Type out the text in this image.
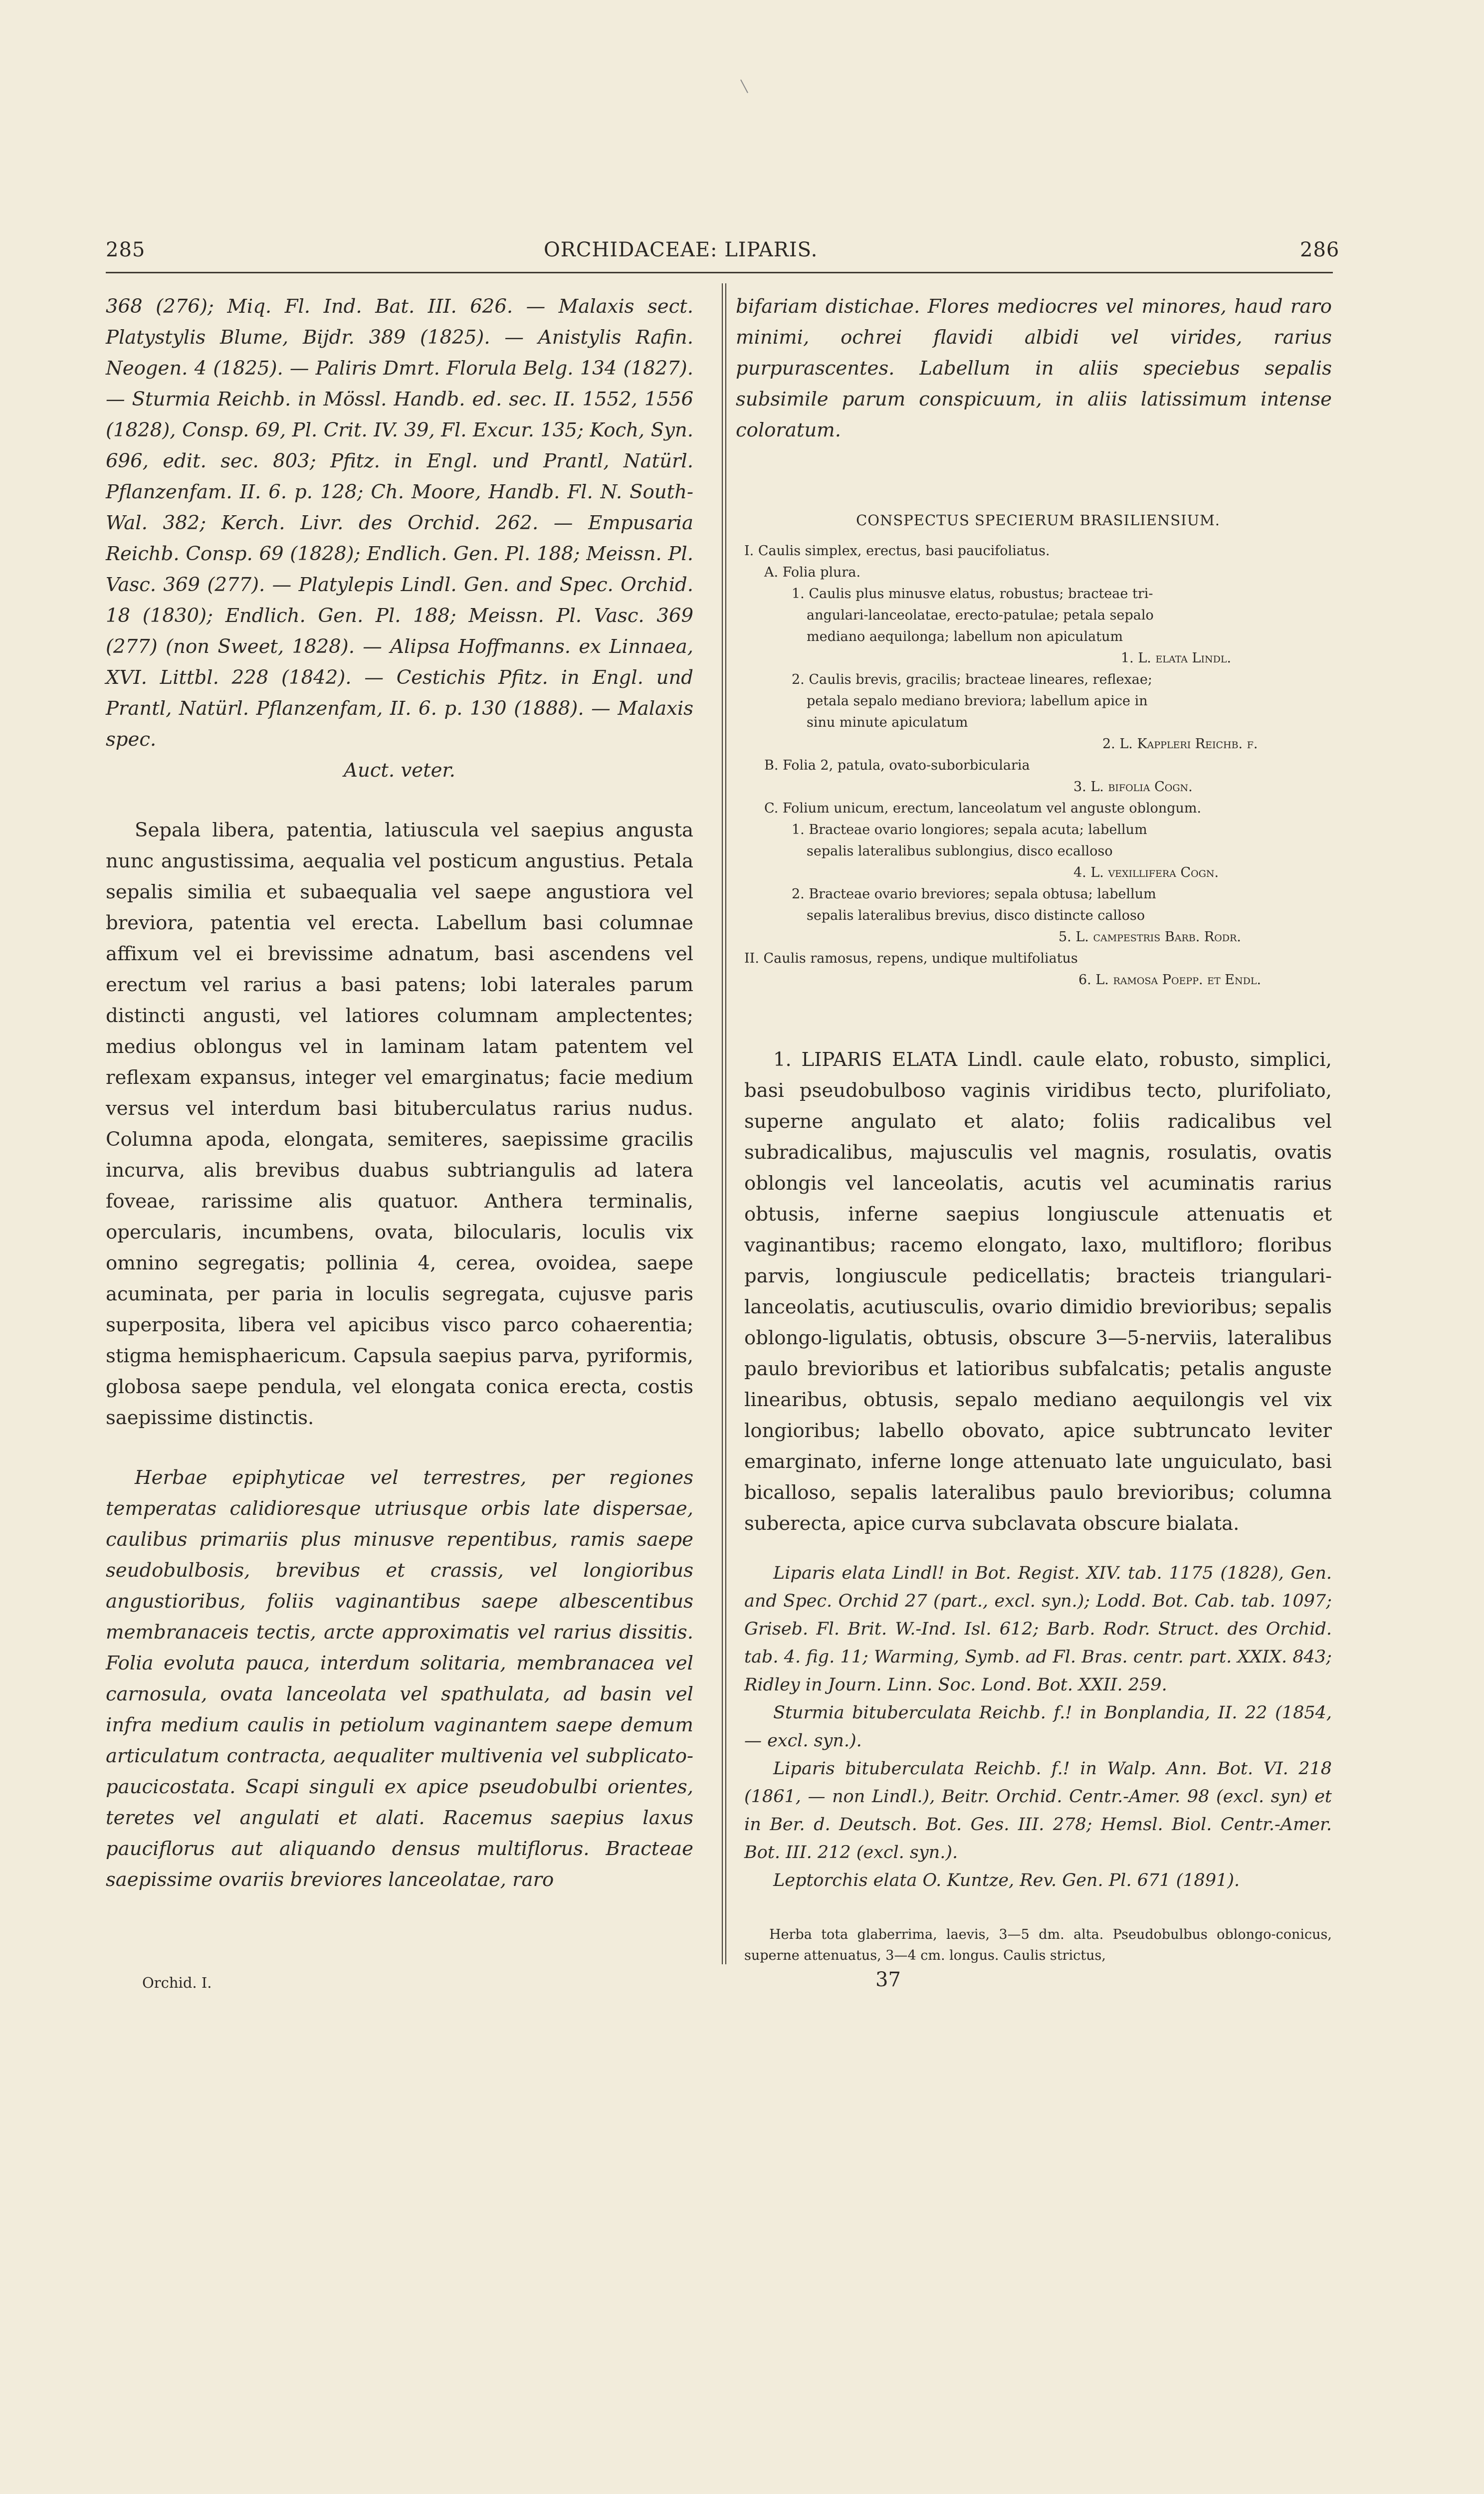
285	ORCHIDACEAE: LIPARIS.	286

368 (276); Miq. Fl. Ind. Bat. III. 626. — Malaxis sect. Platystylis Blume, Bijdr. 389 (1825). — Anistylis Rafin. Neogen. 4 (1825). — Paliris Dmrt. Florula Belg. 134 (1827). — Sturmia Reichb. in Mössl. Handb. ed. sec. II. 1552, 1556 (1828), Consp. 69, Pl. Crit. IV. 39, Fl. Excur. 135; Koch, Syn. 696, edit. sec. 803; Pfitz. in Engl. und Prantl, Natürl. Pflanzenfam. II. 6. p. 128; Ch. Moore, Handb. Fl. N. South-Wal. 382; Kerch. Livr. des Orchid. 262. — Empusaria Reichb. Consp. 69 (1828); Endlich. Gen. Pl. 188; Meissn. Pl. Vasc. 369 (277). — Platylepis Lindl. Gen. and Spec. Orchid. 18 (1830); Endlich. Gen. Pl. 188; Meissn. Pl. Vasc. 369 (277) (non Sweet, 1828). — Alipsa Hoffmanns. ex Linnaea, XVI. Littbl. 228 (1842). — Cestichis Pfitz. in Engl. und Prantl, Natürl. Pflanzenfam, II. 6. p. 130 (1888). — Malaxis spec.

Auct. veter.

Sepala libera, patentia, latiuscula vel saepius angusta nunc angustissima, aequalia vel posticum angustius. Petala sepalis similia et subaequalia vel saepe angustiora vel breviora, patentia vel erecta. Labellum basi columnae affixum vel ei brevissime adnatum, basi ascendens vel erectum vel rarius a basi patens; lobi laterales parum distincti angusti, vel latiores columnam amplectentes; medius oblongus vel in laminam latam patentem vel reflexam expansus, integer vel emarginatus; facie medium versus vel interdum basi bituberculatus rarius nudus. Columna apoda, elongata, semiteres, saepissime gracilis incurva, alis brevibus duabus subtriangulis ad latera foveae, rarissime alis quatuor. Anthera terminalis, opercularis, incumbens, ovata, bilocularis, loculis vix omnino segregatis; pollinia 4, cerea, ovoidea, saepe acuminata, per paria in loculis segregata, cujusve paris superposita, libera vel apicibus visco parco cohaerentia; stigma hemisphaericum. Capsula saepius parva, pyriformis, globosa saepe pendula, vel elongata conica erecta, costis saepissime distinctis.

Herbae epiphyticae vel terrestres, per regiones temperatas calidioresque utriusque orbis late dispersae, caulibus primariis plus minusve repentibus, ramis saepe seudobulbosis, brevibus et crassis, vel longioribus angustioribus, foliis vaginantibus saepe albescentibus membranaceis tectis, arcte approximatis vel rarius dissitis. Folia evoluta pauca, interdum solitaria, membranacea vel carnosula, ovata lanceolata vel spathulata, ad basin vel infra medium caulis in petiolum vaginantem saepe demum articulatum contracta, aequaliter multivenia vel subplicato-paucicostata. Scapi singuli ex apice pseudobulbi orientes, teretes vel angulati et alati. Racemus saepius laxus pauciflorus aut aliquando densus multiflorus. Bracteae saepissime ovariis breviores lanceolatae, raro

Orchid. I.

bifariam distichae. Flores mediocres vel minores, haud raro minimi, ochrei flavidi albidi vel virides, rarius purpurascentes. Labellum in aliis speciebus sepalis subsimile parum conspicuum, in aliis latissimum intense coloratum.

CONSPECTUS SPECIERUM BRASILIENSIUM.
I. Caulis simplex, erectus, basi paucifoliatus.
A. Folia plura.
1. Caulis plus minusve elatus, robustus; bracteae tri-
angulari-lanceolatae, erecto-patulae; petala sepalo
mediano aequilonga; labellum non apiculatum
1. L. elata Lindl.
2. Caulis brevis, gracilis; bracteae lineares, reflexae;
petala sepalo mediano breviora; labellum apice in
sinu minute apiculatum
2. L. Kappleri Reichb. f.
B. Folia 2, patula, ovato-suborbicularia
3. L. bifolia Cogn.
C. Folium unicum, erectum, lanceolatum vel anguste oblongum.
1. Bracteae ovario longiores; sepala acuta; labellum
sepalis lateralibus sublongius, disco ecalloso
4. L. vexillifera Cogn.
2. Bracteae ovario breviores; sepala obtusa; labellum
sepalis lateralibus brevius, disco distincte calloso
5. L. campestris Barb. Rodr.
II. Caulis ramosus, repens, undique multifoliatus
6. L. ramosa Poepp. et Endl.

1. LIPARIS ELATA Lindl. caule elato, robusto, simplici, basi pseudobulboso vaginis viridibus tecto, plurifoliato, superne angulato et alato; foliis radicalibus vel subradicalibus, majusculis vel magnis, rosulatis, ovatis oblongis vel lanceolatis, acutis vel acuminatis rarius obtusis, inferne saepius longiuscule attenuatis et vaginantibus; racemo elongato, laxo, multifloro; floribus parvis, longiuscule pedicellatis; bracteis triangulari-lanceolatis, acutiusculis, ovario dimidio brevioribus; sepalis oblongo-ligulatis, obtusis, obscure 3—5-nerviis, lateralibus paulo brevioribus et latioribus subfalcatis; petalis anguste linearibus, obtusis, sepalo mediano aequilongis vel vix longioribus; labello obovato, apice subtruncato leviter emarginato, inferne longe attenuato late unguiculato, basi bicalloso, sepalis lateralibus paulo brevioribus; columna suberecta, apice curva subclavata obscure bialata.

Liparis elata Lindl! in Bot. Regist. XIV. tab. 1175 (1828), Gen. and Spec. Orchid 27 (part., excl. syn.); Lodd. Bot. Cab. tab. 1097; Griseb. Fl. Brit. W.-Ind. Isl. 612; Barb. Rodr. Struct. des Orchid. tab. 4. fig. 11; Warming, Symb. ad Fl. Bras. centr. part. XXIX. 843; Ridley in Journ. Linn. Soc. Lond. Bot. XXII. 259.

Sturmia bituberculata Reichb. f.! in Bonplandia, II. 22 (1854, — excl. syn.).

Liparis bituberculata Reichb. f.! in Walp. Ann. Bot. VI. 218 (1861, — non Lindl.), Beitr. Orchid. Centr.-Amer. 98 (excl. syn) et in Ber. d. Deutsch. Bot. Ges. III. 278; Hemsl. Biol. Centr.-Amer. Bot. III. 212 (excl. syn.).

Leptorchis elata O. Kuntze, Rev. Gen. Pl. 671 (1891).

Herba tota glaberrima, laevis, 3—5 dm. alta. Pseudobulbus oblongo-conicus, superne attenuatus, 3—4 cm. longus. Caulis strictus,
37
